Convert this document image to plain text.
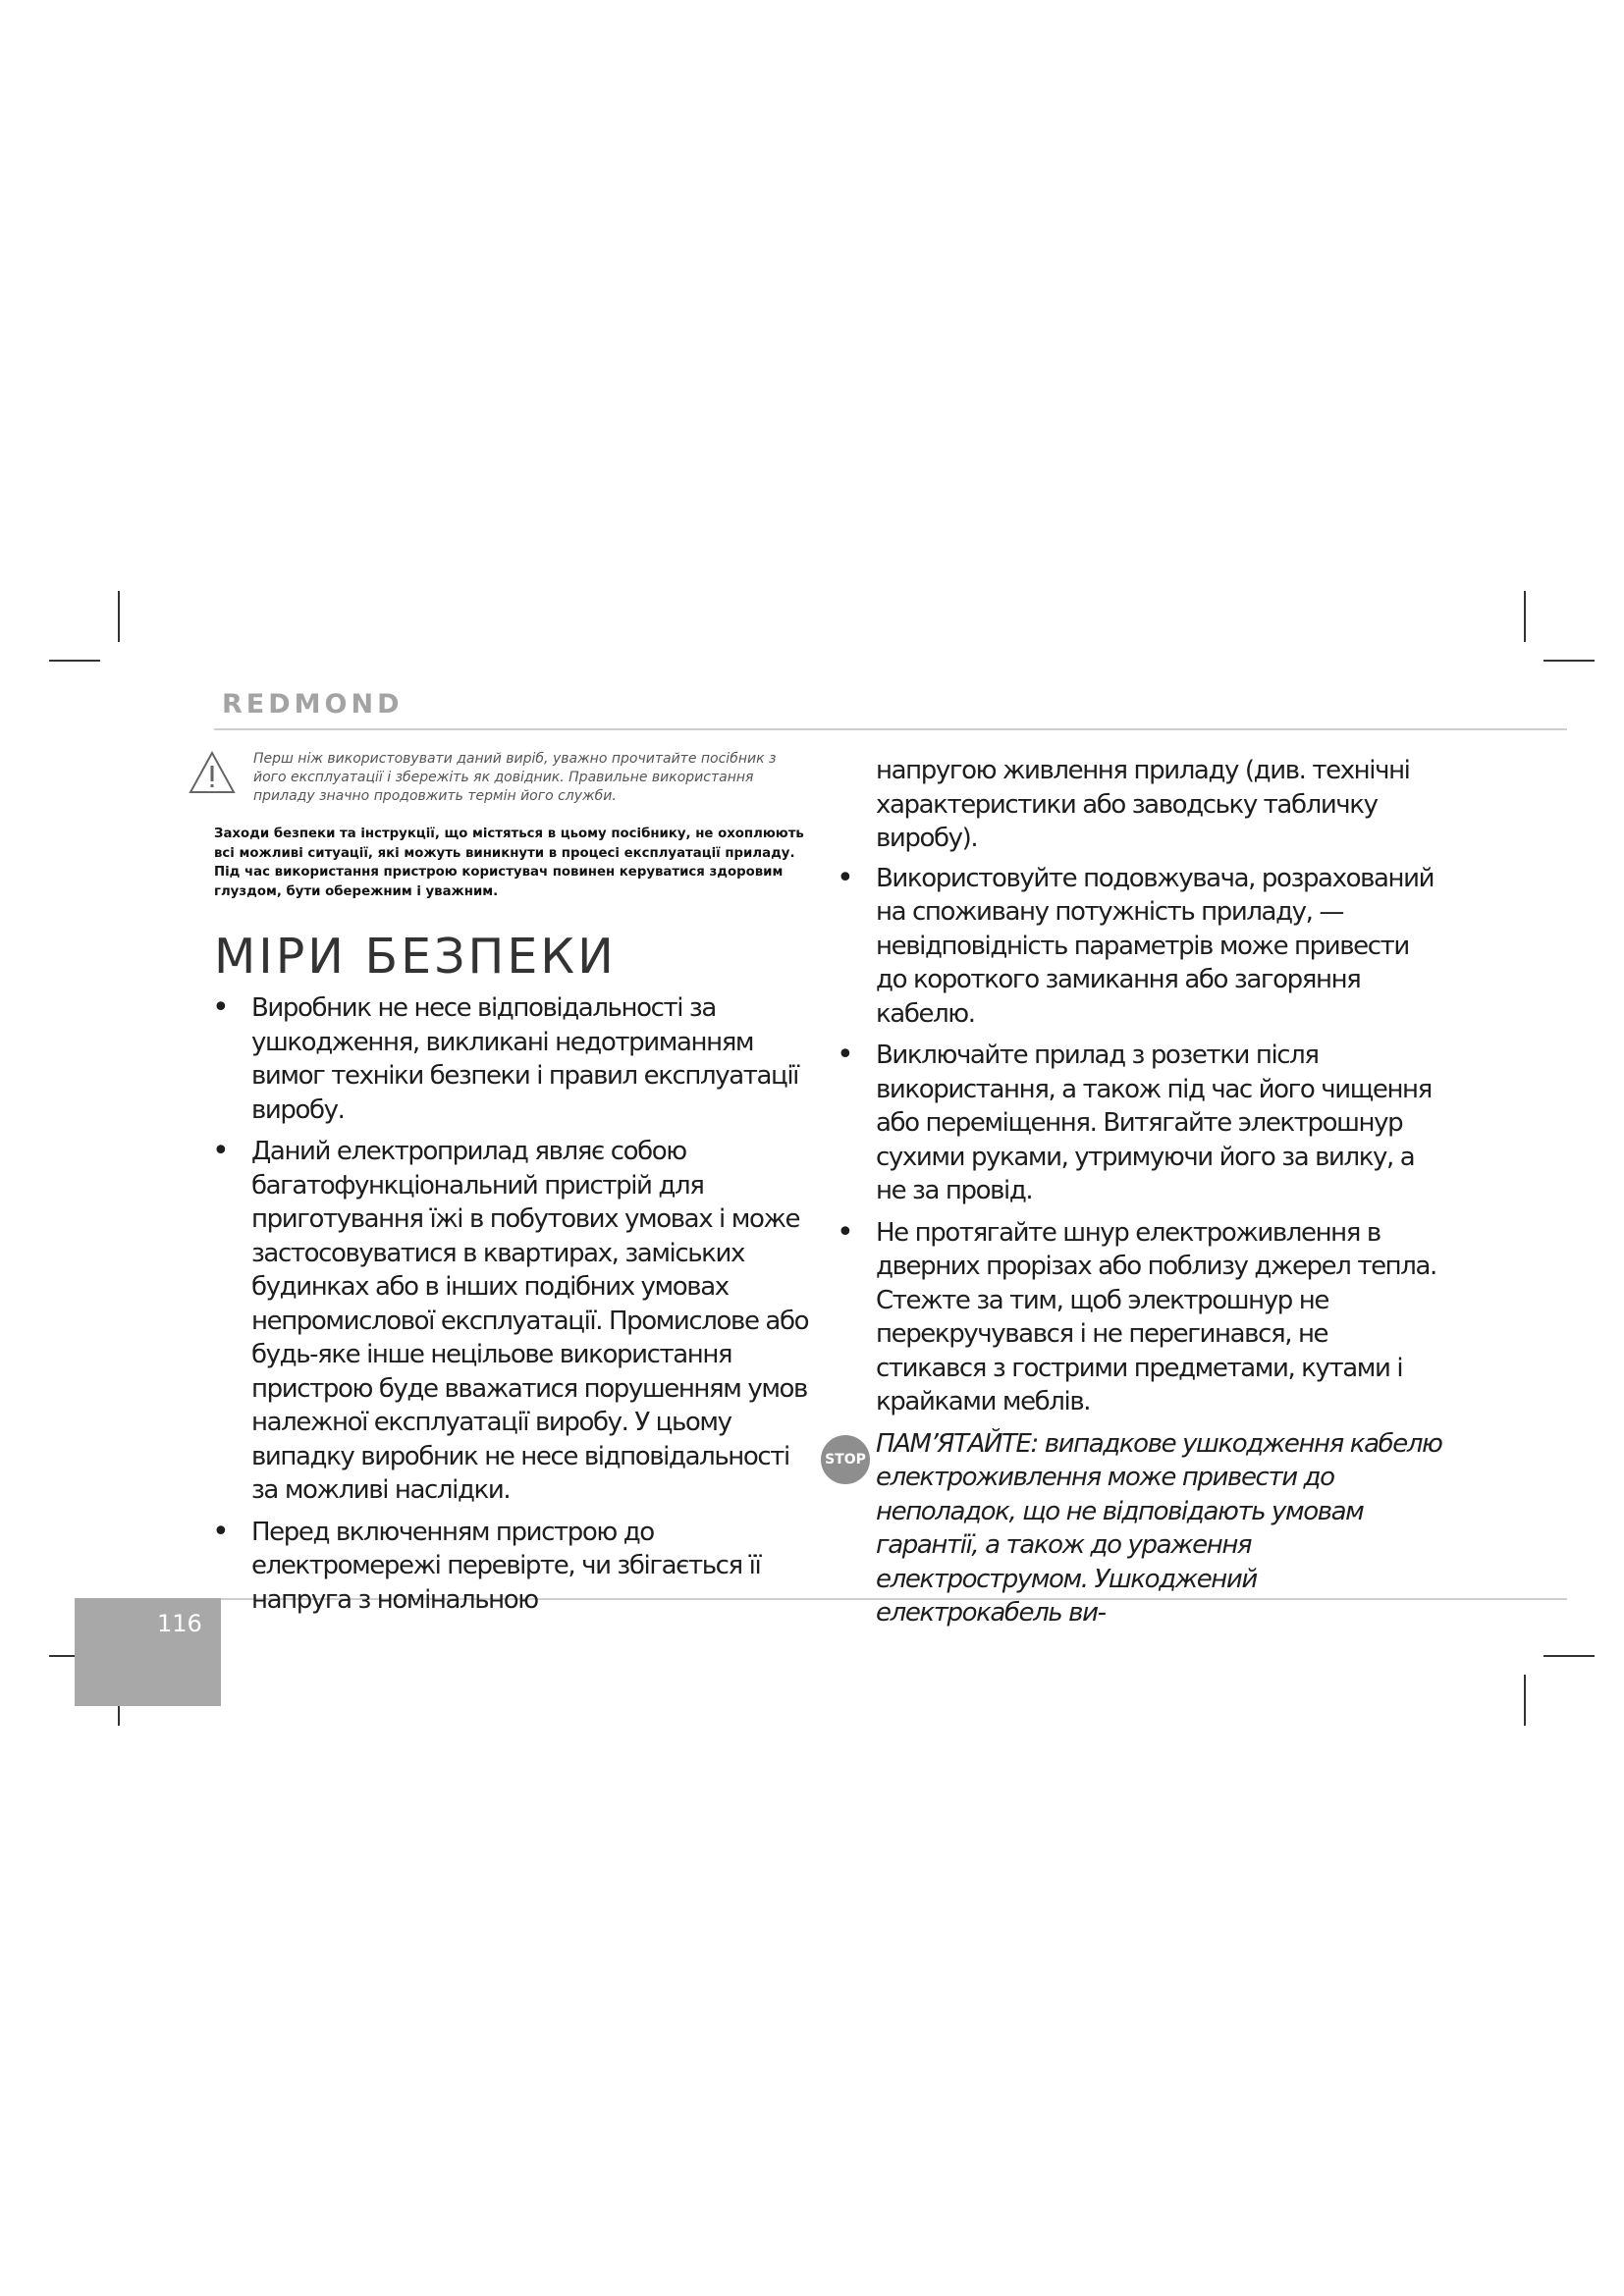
REDMOND
Перш ніж використовувати даний виріб, уважно прочитайте посібник з його експлуатації і збережіть як довідник. Правильне використання приладу значно продовжить термін його служби.
Заходи безпеки та інструкції, що містяться в цьому посібнику, не охоплюють всі можливі ситуації, які можуть виникнути в процесі експлуатації приладу. Під час використання пристрою користувач повинен керуватися здоровим глуздом, бути обережним і уважним.
МІРИ БЕЗПЕКИ
• Виробник не несе відповідальності за ушкодження, викликані недотриманням вимог техніки безпеки і правил експлуатації виробу.
• Даний електроприлад являє собою багатофункціональний пристрій для приготування їжі в побутових умовах і може застосовуватися в квартирах, заміських будинках або в інших подібних умовах непромислової експлуатації. Промислове або будь-яке інше нецільове використання пристрою буде вважатися порушенням умов належної експлуатації виробу. У цьому випадку виробник не несе відповідальності за можливі наслідки.
• Перед включенням пристрою до електромережі перевірте, чи збігається її напруга з номінальною

напругою живлення приладу (див. технічні характеристики або заводську табличку виробу).

• Використовуйте подовжувача, розрахований на споживану потужність приладу, — невідповідність параметрів може привести до короткого замикання або загоряння кабелю.
• Виключайте прилад з розетки після використання, а також під час його чищення або переміщення. Витягайте электрошнур сухими руками, утримуючи його за вилку, а не за провід.
• Не протягайте шнур електроживлення в дверних прорізах або поблизу джерел тепла. Стежте за тим, щоб электрошнур не перекручувався і не перегинався, не стикався з гострими предметами, кутами і крайками меблів.
STOP
ПАМ’ЯТАЙТЕ: випадкове ушкодження кабелю електроживлення може привести до неполадок, що не відповідають умовам гарантії, а також до ураження електрострумом. Ушкоджений електрокабель ви-
116
